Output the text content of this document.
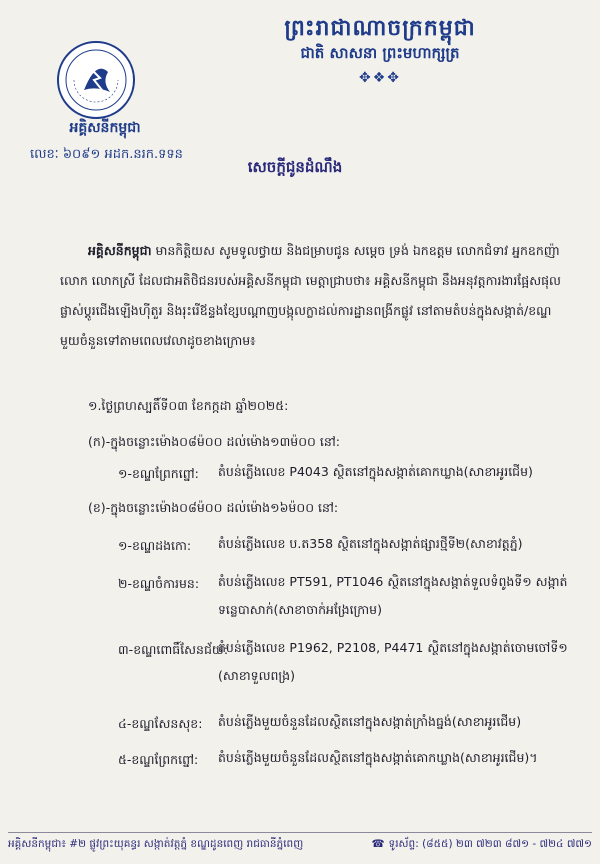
ព្រះរាជាណាចក្រកម្ពុជា
ជាតិ សាសនា ព្រះមហាក្សត្រ
✥❖✥
អគ្គិសនីកម្ពុជា
លេខៈ ៦០៩១ អដក.នរក.ទទន
សេចក្តីជូនដំណឹង
អគ្គិសនីកម្ពុជា មានកិត្តិយស សូមទូលថ្វាយ និងជម្រាបជូន សម្តេច ទ្រង់ ឯកឧត្តម លោកជំទាវ អ្នកឧកញ៉ា លោក លោកស្រី ដែលជាអតិថិជនរបស់អគ្គិសនីកម្ពុជា មេត្តាជ្រាបថា៖ អគ្គិសនីកម្ពុជា នឹងអនុវត្តការងារផ្អែសផុល ផ្លាស់ប្តូរជើងឡើងហ៊ីតួរ និងរុះរើឪន្ទងខ្សែបណ្តាញបង្កុលក្លាដល់ការដ្ឋានពង្រីកផ្លូវ នៅតាមតំបន់ក្នុងសង្កាត់/ខណ្ឌមួយចំនួនទៅតាមពេលវេលាដូចខាងក្រោម៖
១.ថ្ងៃព្រហស្បតិ៍ទី០៣ ខែកក្កដា ឆ្នាំ២០២៥:
(ក)-ក្នុងចន្លោះម៉ោង០៨ម៉០០ ដល់ម៉ោង១៣ម៉០០ នៅ:
១-ខណ្ឌព្រែកព្នៅ: តំបន់ភ្លើងលេខ P4043 ស្ថិតនៅក្នុងសង្កាត់គោកឃ្លាង(សាខាអូរជើម)
(ខ)-ក្នុងចន្លោះម៉ោង០៨ម៉០០ ដល់ម៉ោង១៦ម៉០០ នៅ:
១-ខណ្ឌដងកោ: តំបន់ភ្លើងលេខ ប.ត358 ស្ថិតនៅក្នុងសង្កាត់ផ្សារថ្មីទី២(សាខាវត្តភ្នំ)
២-ខណ្ឌចំការមន: តំបន់ភ្លើងលេខ PT591, PT1046 ស្ថិតនៅក្នុងសង្កាត់ទួលទំពូងទី១ សង្កាត់ទន្លេបាសាក់(សាខាចាក់អង្រែក្រោម)
៣-ខណ្ឌពោធិ៍សែនជ័យ:
តំបន់ភ្លើងលេខ P1962, P2108, P4471 ស្ថិតនៅក្នុងសង្កាត់ចោមចៅទី១ (សាខាទួលពង្រ)
៤-ខណ្ឌសែនសុខ: តំបន់ភ្លើងមួយចំនួនដែលស្ថិតនៅក្នុងសង្កាត់ក្រាំងធ្នង់(សាខាអូរជើម)
៥-ខណ្ឌព្រែកព្នៅ: តំបន់ភ្លើងមួយចំនួនដែលស្ថិតនៅក្នុងសង្កាត់គោកឃ្លាង(សាខាអូរជើម)។
អគ្គិសនីកម្ពុជា៖ #២ ផ្លូវព្រះយុគន្ធរ សង្កាត់វត្តភ្នំ ខណ្ឌដូនពេញ រាជធានីភ្នំពេញ	☎ ទូរស័ព្ទ: (៨៥៥) ២៣ ៧២៣ ៨៧១ - ៧២៤ ៧៧១
